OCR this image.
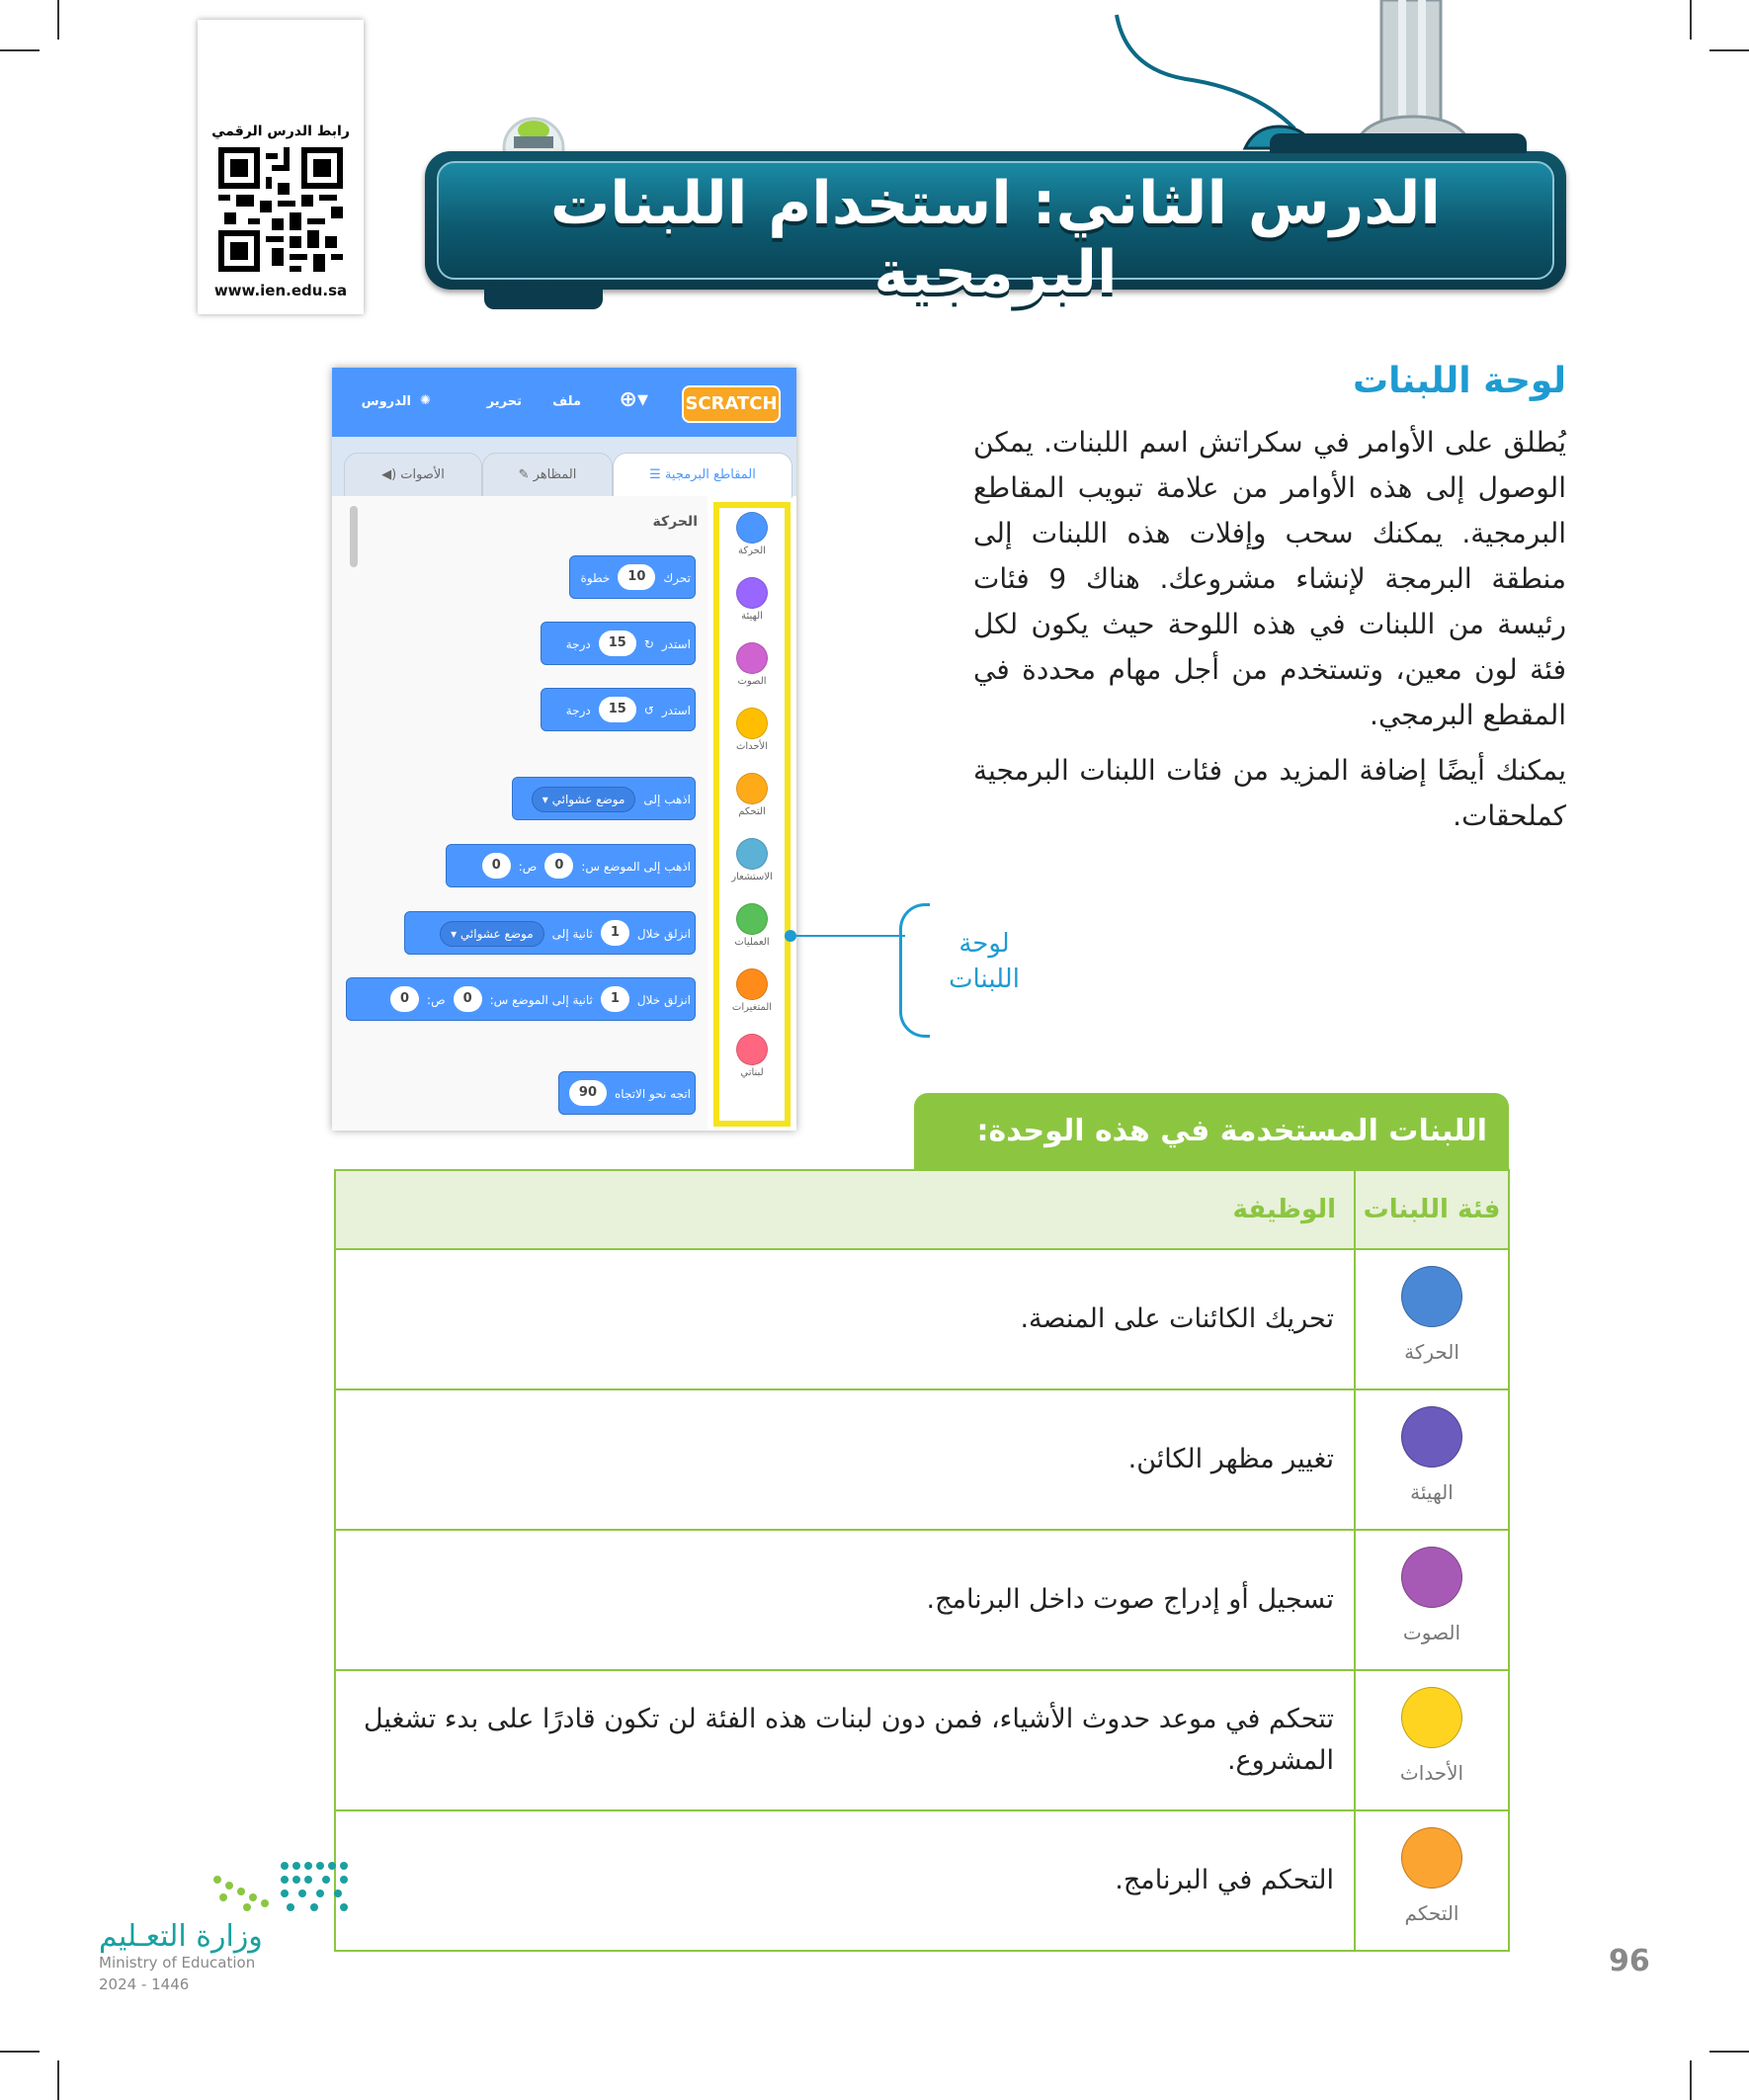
رابط الدرس الرقمي
www.ien.edu.sa
الدرس الثاني: استخدام اللبنات البرمجية
لوحة اللبنات

يُطلق على الأوامر في سكراتش اسم اللبنات. يمكن الوصول إلى هذه الأوامر من علامة تبويب المقاطع البرمجية. يمكنك سحب وإفلات هذه اللبنات إلى منطقة البرمجة لإنشاء مشروعك. هناك 9 فئات رئيسة من اللبنات في هذه اللوحة حيث يكون لكل فئة لون معين، وتستخدم من أجل مهام محددة في المقطع البرمجي.

يمكنك أيضًا إضافة المزيد من فئات اللبنات البرمجية كملحقات.

SCRATCH
⊕▾
ملف
تحرير
✺
الدروس
☰ المقاطع البرمجية
✎ المظاهر
◀) الأصوات
الحركة
تحرك10خطوة
استدر↻15درجة
استدر↺15درجة
اذهب إلىموضع عشوائي ▾
اذهب إلى الموضع س:0ص:0
انزلق خلال1ثانية إلىموضع عشوائي ▾
انزلق خلال1ثانية إلى الموضع س:0ص:0
اتجه نحو الاتجاه90
الحركة
الهيئة
الصوت
الأحداث
التحكم
الاستشعار
العمليات
المتغيرات
لبناتي
لوحة اللبنات
اللبنات المستخدمة في هذه الوحدة:
فئة اللبنات	الوظيفة

الحركة	تحريك الكائنات على المنصة.

الهيئة	تغيير مظهر الكائن.

الصوت	تسجيل أو إدراج صوت داخل البرنامج.

الأحداث	تتحكم في موعد حدوث الأشياء، فمن دون لبنات هذه الفئة لن تكون قادرًا على بدء تشغيل المشروع.

التحكم	التحكم في البرنامج.
وزارة التعـليم
Ministry of Education
2024 - 1446
96
